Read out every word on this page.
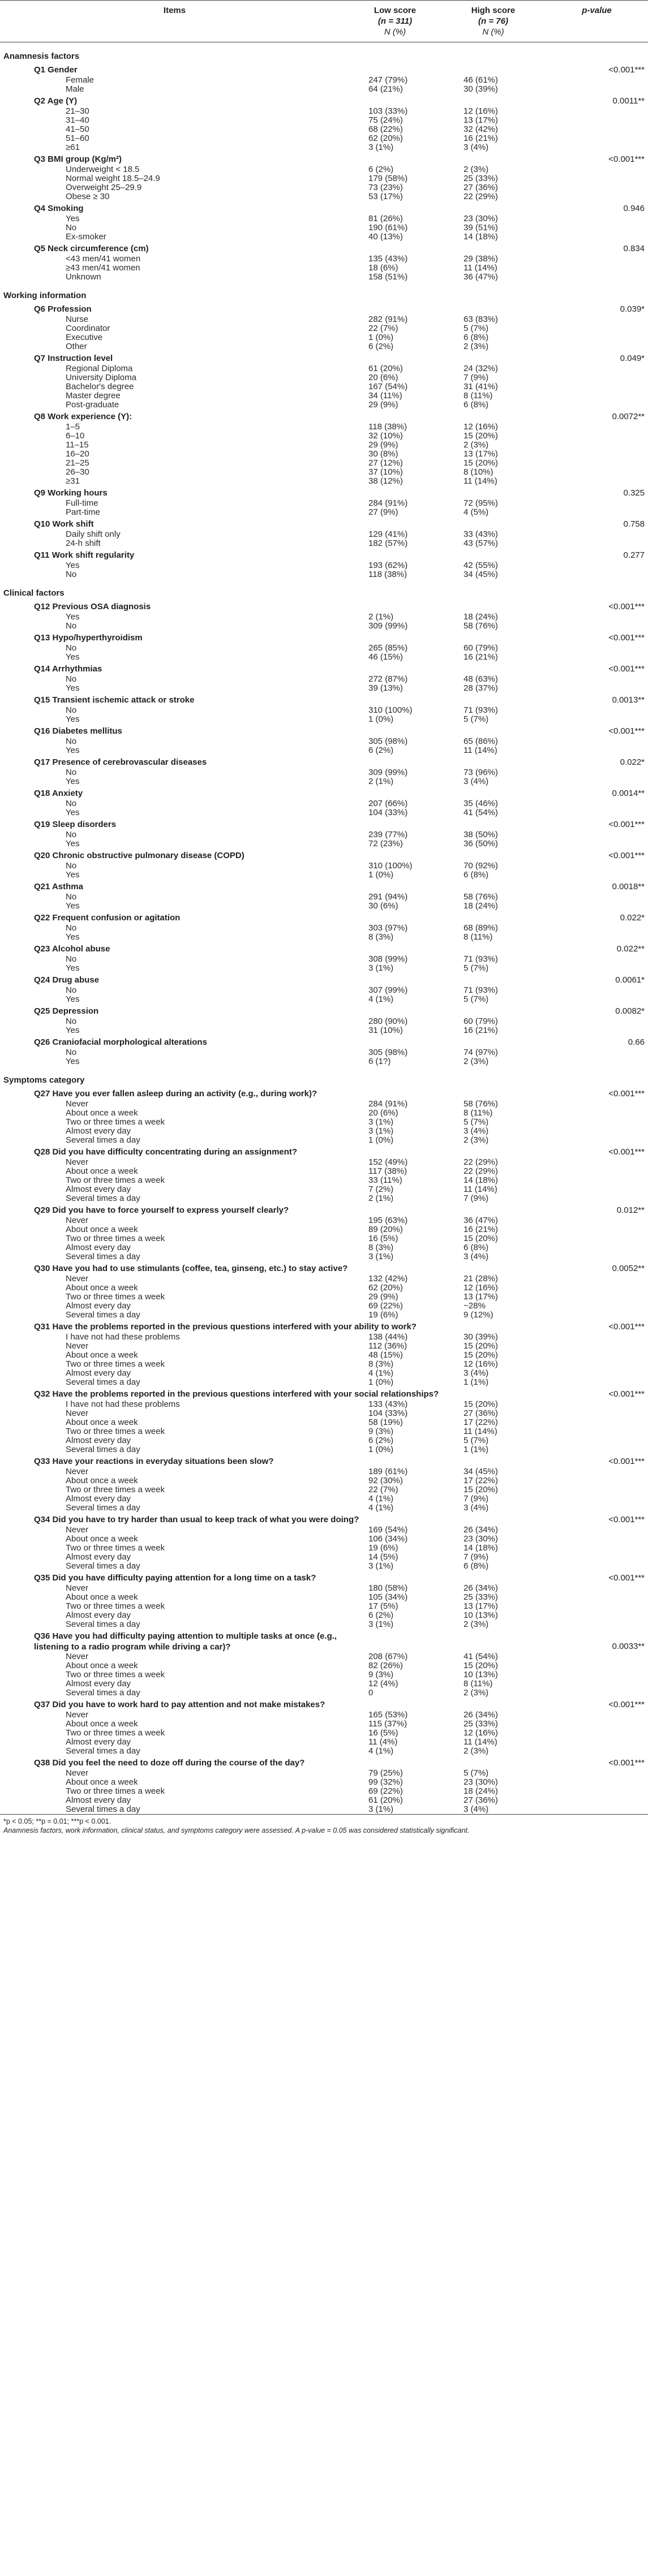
Items	Low score
(n = 311)
N (%)	High score
(n = 76)
N (%)	p-value

Anamnesis factors			
Q1 Gender			<0.001***
Female	247 (79%)	46 (61%)	
Male	64 (21%)	30 (39%)	
Q2 Age (Y)			0.0011**
21–30	103 (33%)	12 (16%)	
31–40	75 (24%)	13 (17%)	
41–50	68 (22%)	32 (42%)	
51–60	62 (20%)	16 (21%)	
≥61	3 (1%)	3 (4%)	
Q3 BMI group (Kg/m²)			<0.001***
Underweight < 18.5	6 (2%)	2 (3%)	
Normal weight 18.5–24.9	179 (58%)	25 (33%)	
Overweight 25–29.9	73 (23%)	27 (36%)	
Obese ≥ 30	53 (17%)	22 (29%)	
Q4 Smoking			0.946
Yes	81 (26%)	23 (30%)	
No	190 (61%)	39 (51%)	
Ex-smoker	40 (13%)	14 (18%)	
Q5 Neck circumference (cm)			0.834
<43 men/41 women	135 (43%)	29 (38%)	
≥43 men/41 women	18 (6%)	11 (14%)	
Unknown	158 (51%)	36 (47%)	
Working information			
Q6 Profession			0.039*
Nurse	282 (91%)	63 (83%)	
Coordinator	22 (7%)	5 (7%)	
Executive	1 (0%)	6 (8%)	
Other	6 (2%)	2 (3%)	
Q7 Instruction level			0.049*
Regional Diploma	61 (20%)	24 (32%)	
University Diploma	20 (6%)	7 (9%)	
Bachelor's degree	167 (54%)	31 (41%)	
Master degree	34 (11%)	8 (11%)	
Post-graduate	29 (9%)	6 (8%)	
Q8 Work experience (Y):			0.0072**
1–5	118 (38%)	12 (16%)	
6–10	32 (10%)	15 (20%)	
11–15	29 (9%)	2 (3%)	
16–20	30 (8%)	13 (17%)	
21–25	27 (12%)	15 (20%)	
26–30	37 (10%)	8 (10%)	
≥31	38 (12%)	11 (14%)	
Q9 Working hours			0.325
Full-time	284 (91%)	72 (95%)	
Part-time	27 (9%)	4 (5%)	
Q10 Work shift			0.758
Daily shift only	129 (41%)	33 (43%)	
24-h shift	182 (57%)	43 (57%)	
Q11 Work shift regularity			0.277
Yes	193 (62%)	42 (55%)	
No	118 (38%)	34 (45%)	
Clinical factors			
Q12 Previous OSA diagnosis			<0.001***
Yes	2 (1%)	18 (24%)	
No	309 (99%)	58 (76%)	
Q13 Hypo/hyperthyroidism			<0.001***
No	265 (85%)	60 (79%)	
Yes	46 (15%)	16 (21%)	
Q14 Arrhythmias			<0.001***
No	272 (87%)	48 (63%)	
Yes	39 (13%)	28 (37%)	
Q15 Transient ischemic attack or stroke			0.0013**
No	310 (100%)	71 (93%)	
Yes	1 (0%)	5 (7%)	
Q16 Diabetes mellitus			<0.001***
No	305 (98%)	65 (86%)	
Yes	6 (2%)	11 (14%)	
Q17 Presence of cerebrovascular diseases			0.022*
No	309 (99%)	73 (96%)	
Yes	2 (1%)	3 (4%)	
Q18 Anxiety			0.0014**
No	207 (66%)	35 (46%)	
Yes	104 (33%)	41 (54%)	
Q19 Sleep disorders			<0.001***
No	239 (77%)	38 (50%)	
Yes	72 (23%)	36 (50%)	
Q20 Chronic obstructive pulmonary disease (COPD)			<0.001***
No	310 (100%)	70 (92%)	
Yes	1 (0%)	6 (8%)	
Q21 Asthma			0.0018**
No	291 (94%)	58 (76%)	
Yes	30 (6%)	18 (24%)	
Q22 Frequent confusion or agitation			0.022*
No	303 (97%)	68 (89%)	
Yes	8 (3%)	8 (11%)	
Q23 Alcohol abuse			0.022**
No	308 (99%)	71 (93%)	
Yes	3 (1%)	5 (7%)	
Q24 Drug abuse			0.0061*
No	307 (99%)	71 (93%)	
Yes	4 (1%)	5 (7%)	
Q25 Depression			0.0082*
No	280 (90%)	60 (79%)	
Yes	31 (10%)	16 (21%)	
Q26 Craniofacial morphological alterations			0.66
No	305 (98%)	74 (97%)	
Yes	6 (1?)	2 (3%)	
Symptoms category			
Q27 Have you ever fallen asleep during an activity (e.g., during work)?			<0.001***
Never	284 (91%)	58 (76%)	
About once a week	20 (6%)	8 (11%)	
Two or three times a week	3 (1%)	5 (7%)	
Almost every day	3 (1%)	3 (4%)	
Several times a day	1 (0%)	2 (3%)	
Q28 Did you have difficulty concentrating during an assignment?			<0.001***
Never	152 (49%)	22 (29%)	
About once a week	117 (38%)	22 (29%)	
Two or three times a week	33 (11%)	14 (18%)	
Almost every day	7 (2%)	11 (14%)	
Several times a day	2 (1%)	7 (9%)	
Q29 Did you have to force yourself to express yourself clearly?			0.012**
Never	195 (63%)	36 (47%)	
About once a week	89 (20%)	16 (21%)	
Two or three times a week	16 (5%)	15 (20%)	
Almost every day	8 (3%)	6 (8%)	
Several times a day	3 (1%)	3 (4%)	
Q30 Have you had to use stimulants (coffee, tea, ginseng, etc.) to stay active?			0.0052**
Never	132 (42%)	21 (28%)	
About once a week	62 (20%)	12 (16%)	
Two or three times a week	29 (9%)	13 (17%)	
Almost every day	69 (22%)	~28%	
Several times a day	19 (6%)	9 (12%)	
Q31 Have the problems reported in the previous questions interfered with your ability to work?			<0.001***
I have not had these problems	138 (44%)	30 (39%)	
Never	112 (36%)	15 (20%)	
About once a week	48 (15%)	15 (20%)	
Two or three times a week	8 (3%)	12 (16%)	
Almost every day	4 (1%)	3 (4%)	
Several times a day	1 (0%)	1 (1%)	
Q32 Have the problems reported in the previous questions interfered with your social relationships?			<0.001***
I have not had these problems	133 (43%)	15 (20%)	
Never	104 (33%)	27 (36%)	
About once a week	58 (19%)	17 (22%)	
Two or three times a week	9 (3%)	11 (14%)	
Almost every day	6 (2%)	5 (7%)	
Several times a day	1 (0%)	1 (1%)	
Q33 Have your reactions in everyday situations been slow?			<0.001***
Never	189 (61%)	34 (45%)	
About once a week	92 (30%)	17 (22%)	
Two or three times a week	22 (7%)	15 (20%)	
Almost every day	4 (1%)	7 (9%)	
Several times a day	4 (1%)	3 (4%)	
Q34 Did you have to try harder than usual to keep track of what you were doing?			<0.001***
Never	169 (54%)	26 (34%)	
About once a week	106 (34%)	23 (30%)	
Two or three times a week	19 (6%)	14 (18%)	
Almost every day	14 (5%)	7 (9%)	
Several times a day	3 (1%)	6 (8%)	
Q35 Did you have difficulty paying attention for a long time on a task?			<0.001***
Never	180 (58%)	26 (34%)	
About once a week	105 (34%)	25 (33%)	
Two or three times a week	17 (5%)	13 (17%)	
Almost every day	6 (2%)	10 (13%)	
Several times a day	3 (1%)	2 (3%)	
Q36 Have you had difficulty paying attention to multiple tasks at once (e.g., listening to a radio program while driving a car)?			0.0033**
Never	208 (67%)	41 (54%)	
About once a week	82 (26%)	15 (20%)	
Two or three times a week	9 (3%)	10 (13%)	
Almost every day	12 (4%)	8 (11%)	
Several times a day	0	2 (3%)	
Q37 Did you have to work hard to pay attention and not make mistakes?			<0.001***
Never	165 (53%)	26 (34%)	
About once a week	115 (37%)	25 (33%)	
Two or three times a week	16 (5%)	12 (16%)	
Almost every day	11 (4%)	11 (14%)	
Several times a day	4 (1%)	2 (3%)	
Q38 Did you feel the need to doze off during the course of the day?			<0.001***
Never	79 (25%)	5 (7%)	
About once a week	99 (32%)	23 (30%)	
Two or three times a week	69 (22%)	18 (24%)	
Almost every day	61 (20%)	27 (36%)	
Several times a day	3 (1%)	3 (4%)	

*p < 0.05; **p = 0.01; ***p < 0.001.
Anamnesis factors, work information, clinical status, and symptoms category were assessed. A p-value = 0.05 was considered statistically significant.			
